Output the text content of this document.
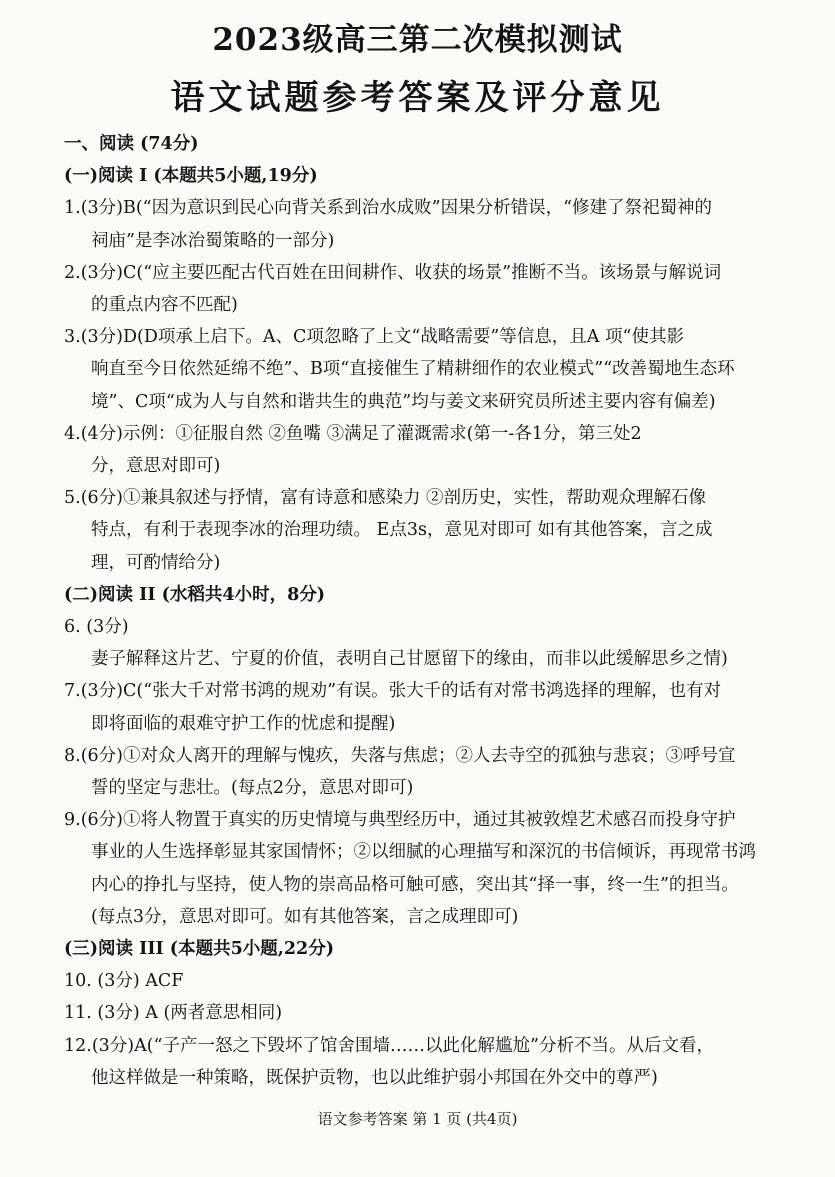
2023级高三第二次模拟测试
语文试题参考答案及评分意见
一、阅读 (74分)
(一)阅读 I (本题共5小题,19分)
1.(3分)B(“因为意识到民心向背关系到治水成败”因果分析错误，“修建了祭祀蜀神的
祠庙”是李冰治蜀策略的一部分)
2.(3分)C(“应主要匹配古代百姓在田间耕作、收获的场景”推断不当。该场景与解说词
的重点内容不匹配)
3.(3分)D(D项承上启下。A、C项忽略了上文“战略需要”等信息，且A 项“使其影
响直至今日依然延绵不绝”、B项“直接催生了精耕细作的农业模式”“改善蜀地生态环
境”、C项“成为人与自然和谐共生的典范”均与姜文来研究员所述主要内容有偏差)
4.(4分)示例：①征服自然 ②鱼嘴 ③满足了灌溉需求(第一-各1分，第三处2
分，意思对即可)
5.(6分)①兼具叙述与抒情，富有诗意和感染力 ②剖历史，实性，帮助观众理解石像
特点，有利于表现李冰的治理功绩。 E点3s，意见对即可 如有其他答案，言之成
理，可酌情给分)
(二)阅读 II (水稻共4小时，8分)
6. (3分)
妻子解释这片艺、宁夏的价值，表明自己甘愿留下的缘由，而非以此缓解思乡之情)
7.(3分)C(“张大千对常书鸿的规劝”有误。张大千的话有对常书鸿选择的理解，也有对
即将面临的艰难守护工作的忧虑和提醒)
8.(6分)①对众人离开的理解与愧疚，失落与焦虑；②人去寺空的孤独与悲哀；③呼号宣
誓的坚定与悲壮。(每点2分，意思对即可)
9.(6分)①将人物置于真实的历史情境与典型经历中，通过其被敦煌艺术感召而投身守护
事业的人生选择彰显其家国情怀；②以细腻的心理描写和深沉的书信倾诉，再现常书鸿
内心的挣扎与坚持，使人物的崇高品格可触可感，突出其“择一事，终一生”的担当。
(每点3分，意思对即可。如有其他答案，言之成理即可)
(三)阅读 III (本题共5小题,22分)
10. (3分) ACF
11. (3分) A (两者意思相同)
12.(3分)A(“子产一怒之下毁坏了馆舍围墙……以此化解尴尬”分析不当。从后文看，
他这样做是一种策略，既保护贡物，也以此维护弱小邦国在外交中的尊严)
语文参考答案 第 1 页 (共4页)
